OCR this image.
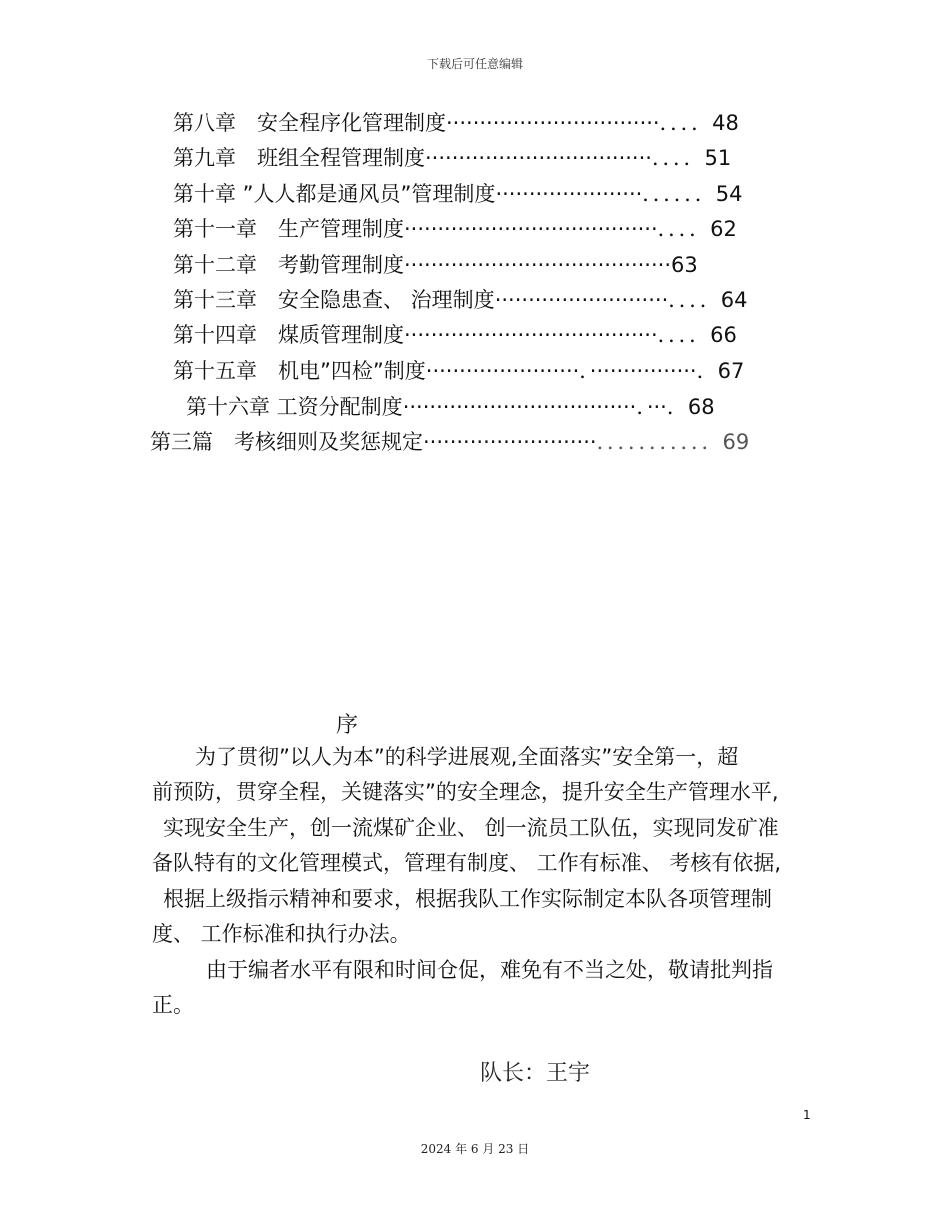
下载后可任意编辑
第八章　安全程序化管理制度································．．．．48
第九章　班组全程管理制度··································．．．．51
第十章 ”人人都是通风员”管理制度······················．．．．．．54
第十一章　生产管理制度······································．．．．62
第十二章　考勤管理制度········································63
第十三章　安全隐患查、 治理制度··························．．．．64
第十四章　煤质管理制度······································．．．．66
第十五章　机电”四检”制度·······················．················．67
第十六章 工资分配制度···································．···．68
第三篇　考核细则及奖惩规定··························．．．．．．．．．．．69
序
为了贯彻”以人为本”的科学进展观,全面落实”安全第一，超
前预防，贯穿全程，关键落实”的安全理念，提升安全生产管理水平,
实现安全生产，创一流煤矿企业、 创一流员工队伍，实现同发矿准
备队特有的文化管理模式，管理有制度、 工作有标准、 考核有依据,
根据上级指示精神和要求，根据我队工作实际制定本队各项管理制
度、 工作标准和执行办法。
由于编者水平有限和时间仓促，难免有不当之处，敬请批判指
正。
队长：王宇
1
2024 年 6 月 23 日
